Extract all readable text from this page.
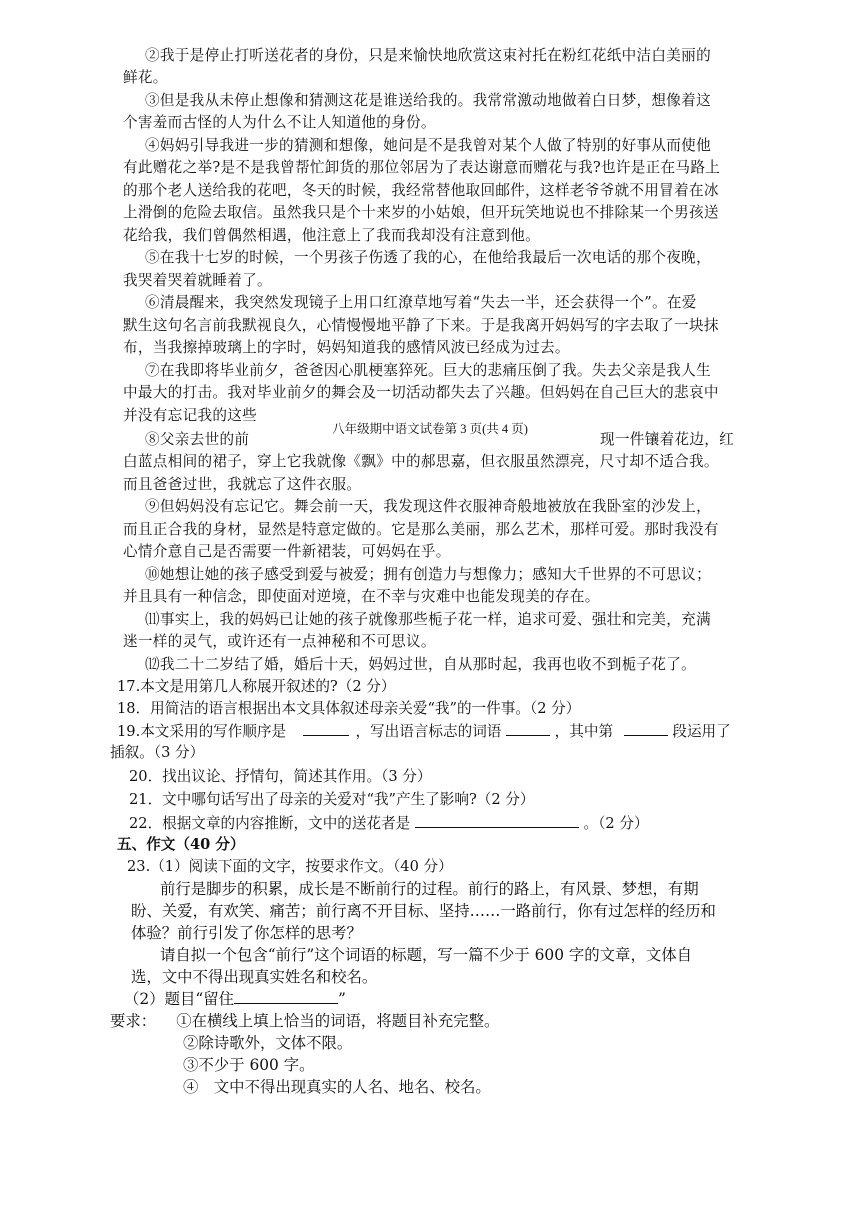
②我于是停止打听送花者的身份，只是来愉快地欣赏这束衬托在粉红花纸中洁白美丽的
鲜花。
③但是我从未停止想像和猜测这花是谁送给我的。我常常激动地做着白日梦，想像着这
个害羞而古怪的人为什么不让人知道他的身份。
④妈妈引导我进一步的猜测和想像，她问是不是我曾对某个人做了特别的好事从而使他
有此赠花之举?是不是我曾帮忙卸货的那位邻居为了表达谢意而赠花与我?也许是正在马路上
的那个老人送给我的花吧，冬天的时候，我经常替他取回邮件，这样老爷爷就不用冒着在冰
上滑倒的危险去取信。虽然我只是个十来岁的小姑娘，但开玩笑地说也不排除某一个男孩送
花给我，我们曾偶然相遇，他注意上了我而我却没有注意到他。
⑤在我十七岁的时候，一个男孩子伤透了我的心，在他给我最后一次电话的那个夜晚，
我哭着哭着就睡着了。
⑥清晨醒来，我突然发现镜子上用口红潦草地写着“失去一半，还会获得一个”。在爱
默生这句名言前我默视良久，心情慢慢地平静了下来。于是我离开妈妈写的字去取了一块抹
布，当我擦掉玻璃上的字时，妈妈知道我的感情风波已经成为过去。
⑦在我即将毕业前夕，爸爸因心肌梗塞猝死。巨大的悲痛压倒了我。失去父亲是我人生
中最大的打击。我对毕业前夕的舞会及一切活动都失去了兴趣。但妈妈在自己巨大的悲哀中
并没有忘记我的这些
⑧父亲去世的前	现一件镶着花边，红
白蓝点相间的裙子，穿上它我就像《飘》中的郝思嘉，但衣服虽然漂亮，尺寸却不适合我。
而且爸爸过世，我就忘了这件衣服。
⑨但妈妈没有忘记它。舞会前一天，我发现这件衣服神奇般地被放在我卧室的沙发上，
而且正合我的身材，显然是特意定做的。它是那么美丽，那么艺术，那样可爱。那时我没有
心情介意自己是否需要一件新裙装，可妈妈在乎。
⑩她想让她的孩子感受到爱与被爱；拥有创造力与想像力；感知大千世界的不可思议；
并且具有一种信念，即使面对逆境，在不幸与灾难中也能发现美的存在。
⑾事实上，我的妈妈已让她的孩子就像那些栀子花一样，追求可爱、强壮和完美，充满
迷一样的灵气，或许还有一点神秘和不可思议。
⑿我二十二岁结了婚，婚后十天，妈妈过世，自从那时起，我再也收不到栀子花了。
八年级期中语文试卷第 3 页(共 4 页)
17.本文是用第几人称展开叙述的?（2 分）
18．用简洁的语言根据出本文具体叙述母亲关爱“我”的一件事。（2 分）
19.本文采用的写作顺序是	，写出语言标志的词语	，其中第	段运用了
插叙。（3 分）
20．找出议论、抒情句，简述其作用。（3 分）
21．文中哪句话写出了母亲的关爱对“我”产生了影响?（2 分）
22．根据文章的内容推断，文中的送花者是	。（2 分）
五、作文（40 分）
23.（1）阅读下面的文字，按要求作文。（40 分）
前行是脚步的积累，成长是不断前行的过程。前行的路上，有风景、梦想，有期
盼、关爱，有欢笑、痛苦；前行离不开目标、坚持……一路前行，你有过怎样的经历和
体验？前行引发了你怎样的思考？
请自拟一个包含“前行”这个词语的标题，写一篇不少于 600 字的文章，文体自
选，文中不得出现真实姓名和校名。
（2）题目“留住	”
要求： ①在横线上填上恰当的词语，将题目补充完整。
②除诗歌外，文体不限。
③不少于 600 字。
④　文中不得出现真实的人名、地名、校名。
